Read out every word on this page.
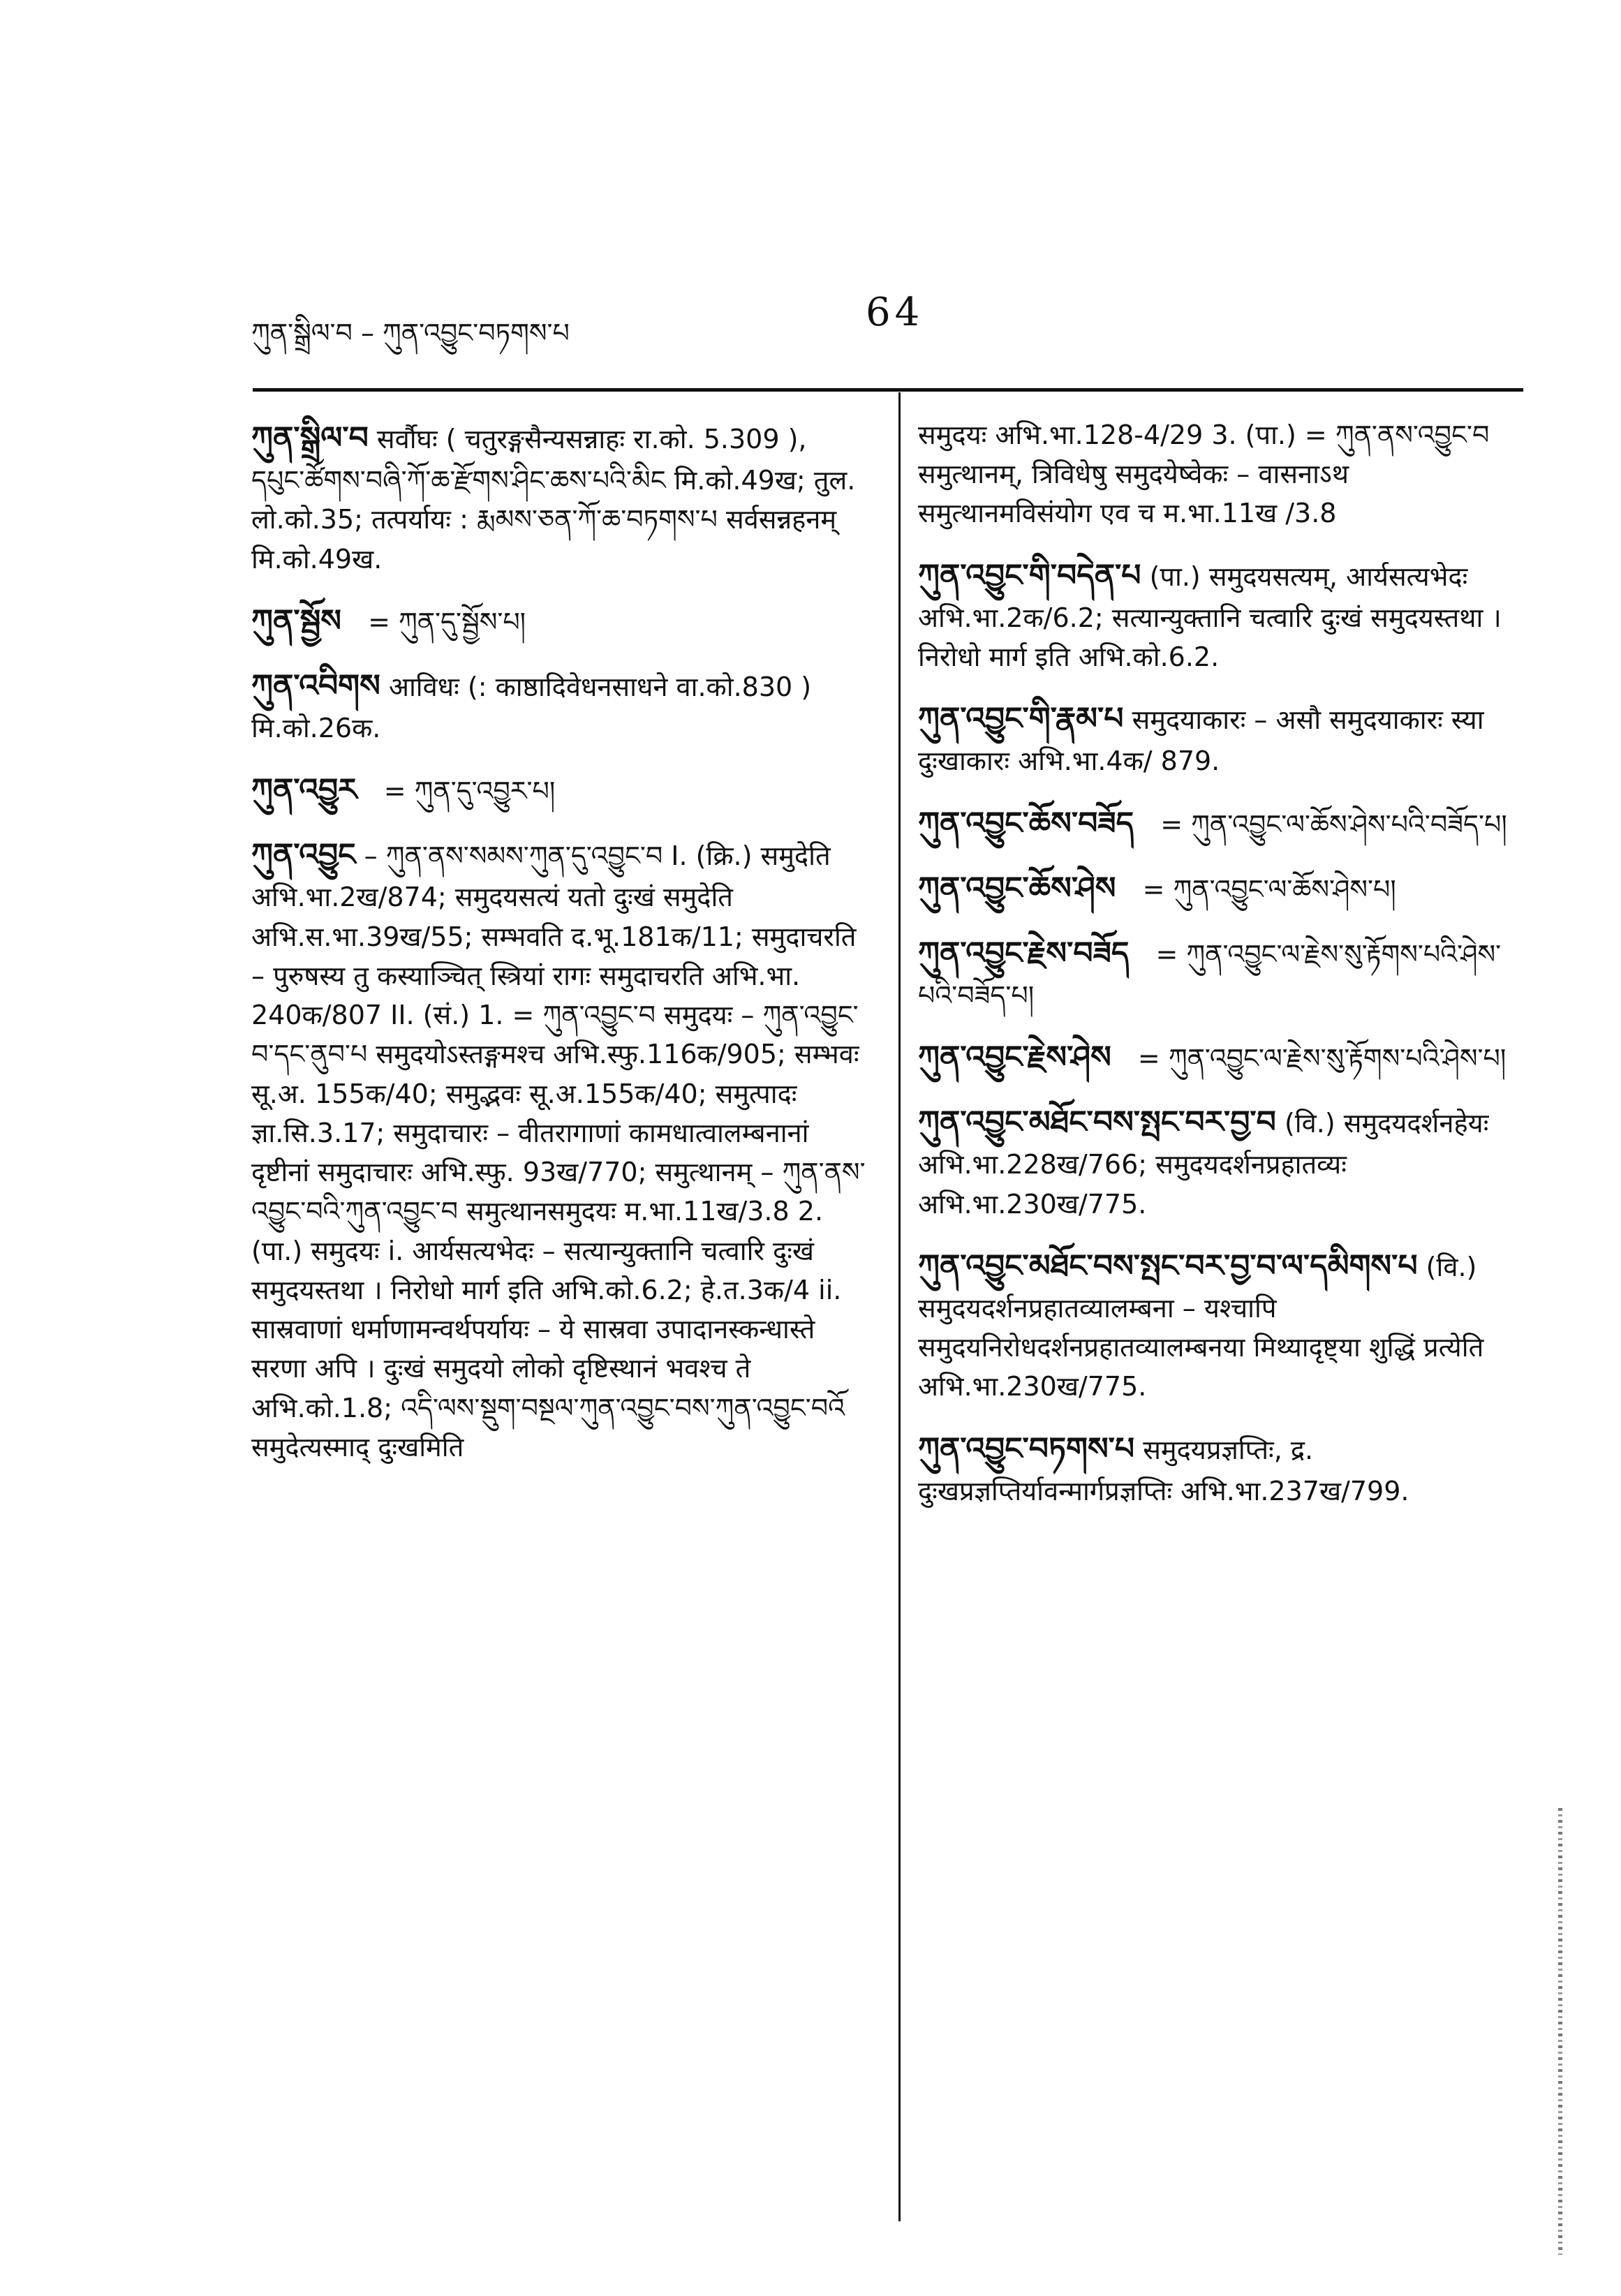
ཀུན་སྒྲིལ་བ – ཀུན་འབྱུང་བཏགས་པ	64
ཀུན་སྒྲིལ་བ सर्वौघः ( चतुरङ्गसैन्यसन्नाहः रा.को. 5.309 ), དཔུང་ཚོགས་བཞི་ཀོ་ཆ་རྫོགས་ཤིང་ཆས་པའི་མིང मि.को.49ख; तुल. लो.को.35; तत्पर्यायः : རྨམས་ཅན་ཀོ་ཆ་བཏགས་པ सर्वसन्नहनम् मि.को.49ख.
ཀུན་སྦྱོས = ཀུན་དུ་སྦྱོས་པ།
ཀུན་འབིགས आविधः (: काष्ठादिवेधनसाधने वा.को.830 ) मि.को.26क.
ཀུན་འབྱུར = ཀུན་དུ་འབྱུར་པ།
ཀུན་འབྱུང – ཀུན་ནས་སམས་ཀུན་དུ་འབྱུང་བ I. (क्रि.) समुदेति अभि.भा.2ख/874; समुदयसत्यं यतो दुःखं समुदेति अभि.स.भा.39ख/55; सम्भवति द.भू.181क/11; समुदाचरति – पुरुषस्य तु कस्याञ्चित् स्त्रियां रागः समुदाचरति अभि.भा. 240क/807 II. (सं.) 1. = ཀུན་འབྱུང་བ समुदयः – ཀུན་འབྱུང་བ་དང་ནུབ་པ समुदयोऽस्तङ्गमश्च अभि.स्फु.116क/905; सम्भवः सू.अ. 155क/40; समुद्भवः सू.अ.155क/40; समुत्पादः ज्ञा.सि.3.17; समुदाचारः – वीतरागाणां कामधात्वालम्बनानां दृष्टीनां समुदाचारः अभि.स्फु. 93ख/770; समुत्थानम् – ཀུན་ནས་འབྱུང་བའི་ཀུན་འབྱུང་བ समुत्थानसमुदयः म.भा.11ख/3.8 2. (पा.) समुदयः i. आर्यसत्यभेदः – सत्यान्युक्तानि चत्वारि दुःखं समुदयस्तथा । निरोधो मार्ग इति अभि.को.6.2; हे.त.3क/4 ii. सास्रवाणां धर्माणामन्वर्थपर्यायः – ये सास्रवा उपादानस्कन्धास्ते सरणा अपि । दुःखं समुदयो लोको दृष्टिस्थानं भवश्च ते अभि.को.1.8; འདི་ལས་སྡུག་བསྔལ་ཀུན་འབྱུང་བས་ཀུན་འབྱུང་བའོ समुदेत्यस्माद् दुःखमिति
समुदयः अभि.भा.128-4/29 3. (पा.) = ཀུན་ནས་འབྱུང་བ समुत्थानम्, त्रिविधेषु समुदयेष्वेकः – वासनाऽथ समुत्थानमविसंयोग एव च म.भा.11ख /3.8
ཀུན་འབྱུང་གི་བདེན་པ (पा.) समुदयसत्यम्, आर्यसत्यभेदः अभि.भा.2क/6.2; सत्यान्युक्तानि चत्वारि दुःखं समुदयस्तथा । निरोधो मार्ग इति अभि.को.6.2.
ཀུན་འབྱུང་གི་རྣམ་པ समुदयाकारः – असौ समुदयाकारः स्या दुःखाकारः अभि.भा.4क/ 879.
ཀུན་འབྱུང་ཆོས་བཟོད = ཀུན་འབྱུང་ལ་ཆོས་ཤེས་པའི་བཟོད་པ།
ཀུན་འབྱུང་ཆོས་ཤེས = ཀུན་འབྱུང་ལ་ཆོས་ཤེས་པ།
ཀུན་འབྱུང་རྗེས་བཟོད = ཀུན་འབྱུང་ལ་རྗེས་སུ་རྟོགས་པའི་ཤེས་པའི་བཟོད་པ།
ཀུན་འབྱུང་རྗེས་ཤེས = ཀུན་འབྱུང་ལ་རྗེས་སུ་རྟོགས་པའི་ཤེས་པ།
ཀུན་འབྱུང་མཐོང་བས་སྤང་བར་བྱ་བ (वि.) समुदयदर्शनहेयः अभि.भा.228ख/766; समुदयदर्शनप्रहातव्यः अभि.भा.230ख/775.
ཀུན་འབྱུང་མཐོང་བས་སྤང་བར་བྱ་བ་ལ་དམིགས་པ (वि.) समुदयदर्शनप्रहातव्यालम्बना – यश्चापि समुदयनिरोधदर्शनप्रहातव्यालम्बनया मिथ्यादृष्ट्या शुद्धिं प्रत्येति अभि.भा.230ख/775.
ཀུན་འབྱུང་བཏགས་པ समुदयप्रज्ञप्तिः, द्र. दुःखप्रज्ञप्तिर्यावन्मार्गप्रज्ञप्तिः अभि.भा.237ख/799.
